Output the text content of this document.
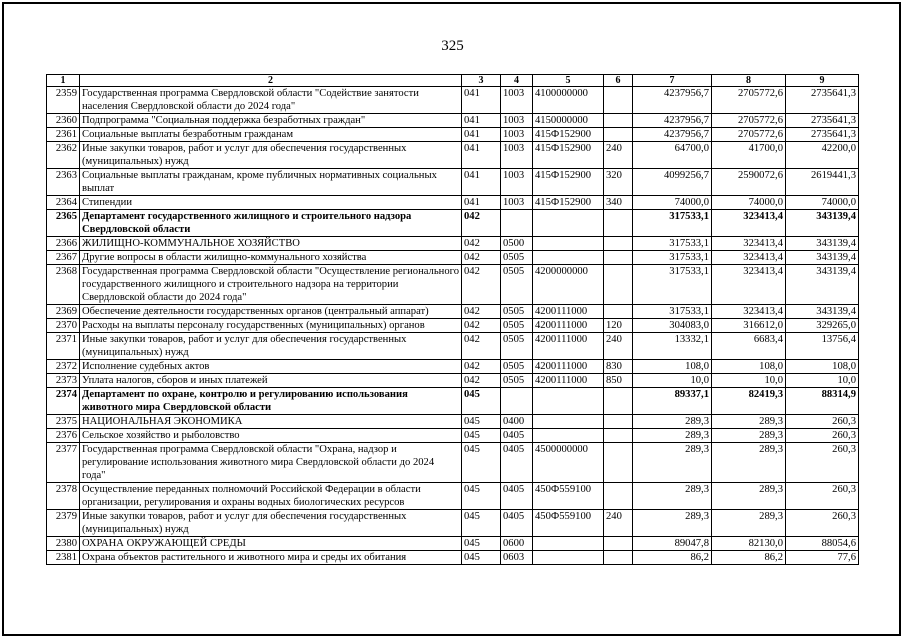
325
1	2	3	4	5	6	7	8	9
2359	Государственная программа Свердловской области "Содействие занятости населения Свердловской области до 2024 года"	041	1003	4100000000		4237956,7	2705772,6	2735641,3
2360	Подпрограмма "Социальная поддержка безработных граждан"	041	1003	4150000000		4237956,7	2705772,6	2735641,3
2361	Социальные выплаты безработным гражданам	041	1003	415Ф152900		4237956,7	2705772,6	2735641,3
2362	Иные закупки товаров, работ и услуг для обеспечения государственных (муниципальных) нужд	041	1003	415Ф152900	240	64700,0	41700,0	42200,0
2363	Социальные выплаты гражданам, кроме публичных нормативных социальных выплат	041	1003	415Ф152900	320	4099256,7	2590072,6	2619441,3
2364	Стипендии	041	1003	415Ф152900	340	74000,0	74000,0	74000,0
2365	Департамент государственного жилищного и строительного надзора Свердловской области	042				317533,1	323413,4	343139,4
2366	ЖИЛИЩНО-КОММУНАЛЬНОЕ ХОЗЯЙСТВО	042	0500			317533,1	323413,4	343139,4
2367	Другие вопросы в области жилищно-коммунального хозяйства	042	0505			317533,1	323413,4	343139,4
2368	Государственная программа Свердловской области "Осуществление регионального государственного жилищного и строительного надзора на территории Свердловской области до 2024 года"	042	0505	4200000000		317533,1	323413,4	343139,4
2369	Обеспечение деятельности государственных органов (центральный аппарат)	042	0505	4200111000		317533,1	323413,4	343139,4
2370	Расходы на выплаты персоналу государственных (муниципальных) органов	042	0505	4200111000	120	304083,0	316612,0	329265,0
2371	Иные закупки товаров, работ и услуг для обеспечения государственных (муниципальных) нужд	042	0505	4200111000	240	13332,1	6683,4	13756,4
2372	Исполнение судебных актов	042	0505	4200111000	830	108,0	108,0	108,0
2373	Уплата налогов, сборов и иных платежей	042	0505	4200111000	850	10,0	10,0	10,0
2374	Департамент по охране, контролю и регулированию использования животного мира Свердловской области	045				89337,1	82419,3	88314,9
2375	НАЦИОНАЛЬНАЯ ЭКОНОМИКА	045	0400			289,3	289,3	260,3
2376	Сельское хозяйство и рыболовство	045	0405			289,3	289,3	260,3
2377	Государственная программа Свердловской области "Охрана, надзор и регулирование использования животного мира Свердловской области до 2024 года"	045	0405	4500000000		289,3	289,3	260,3
2378	Осуществление переданных полномочий Российской Федерации в области организации, регулирования и охраны водных биологических ресурсов	045	0405	450Ф559100		289,3	289,3	260,3
2379	Иные закупки товаров, работ и услуг для обеспечения государственных (муниципальных) нужд	045	0405	450Ф559100	240	289,3	289,3	260,3
2380	ОХРАНА ОКРУЖАЮЩЕЙ СРЕДЫ	045	0600			89047,8	82130,0	88054,6
2381	Охрана объектов растительного и животного мира и среды их обитания	045	0603			86,2	86,2	77,6
